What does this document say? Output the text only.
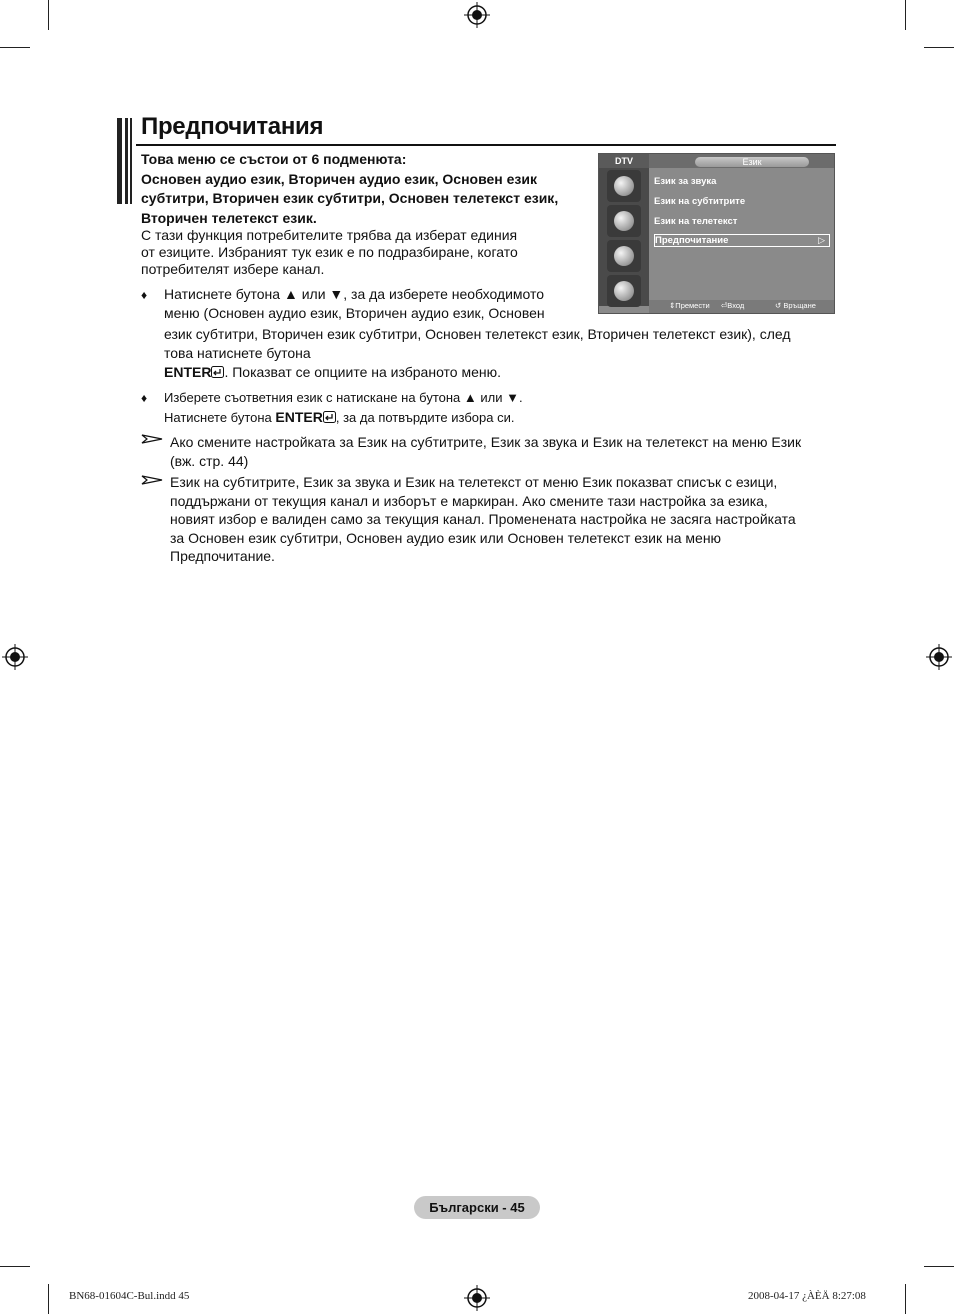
Предпочитания
Това меню се състои от 6 подменюта:
Основен аудио език, Вторичен аудио език, Основен език
субтитри, Вторичен език субтитри, Основен телетекст език,
Вторичен телетекст език.
С тази функция потребителите трябва да изберат единия
от езиците. Избраният тук език е по подразбиране, когато
потребителят избере канал.
♦ Натиснете бутона ▲ или ▼, за да изберете необходимото
меню (Основен аудио език, Вторичен аудио език, Основен
език субтитри, Вторичен език субтитри, Основен телетекст език, Вторичен телетекст език), след
това натиснете бутона
ENTER . Показват се опциите на избраното меню.
♦ Изберете съответния език с натискане на бутона ▲ или ▼.
Натиснете бутона ENTER , за да потвърдите избора си.
Ако смените настройката за Език на субтитрите, Език за звука и Език на телетекст на меню Език
(вж. стр. 44)
Език на субтитрите, Език за звука и Език на телетекст от меню Език показват списък с езици,
поддържани от текущия канал и изборът е маркиран. Ако смените тази настройка за езика,
новият избор е валиден само за текущия канал. Променената настройка не засяга настройката
за Основен език субтитри, Основен аудио език или Основен телетекст език на меню
Предпочитание.
DTV	Език
Език за звука
Език на субтитрите
Език на телетекст
Предпочитание	▷
⇕Премести ⏎Вход	↺ Връщане
Български - 45
BN68-01604C-Bul.indd 45	2008-04-17 ¿ÀÈÄ 8:27:08
